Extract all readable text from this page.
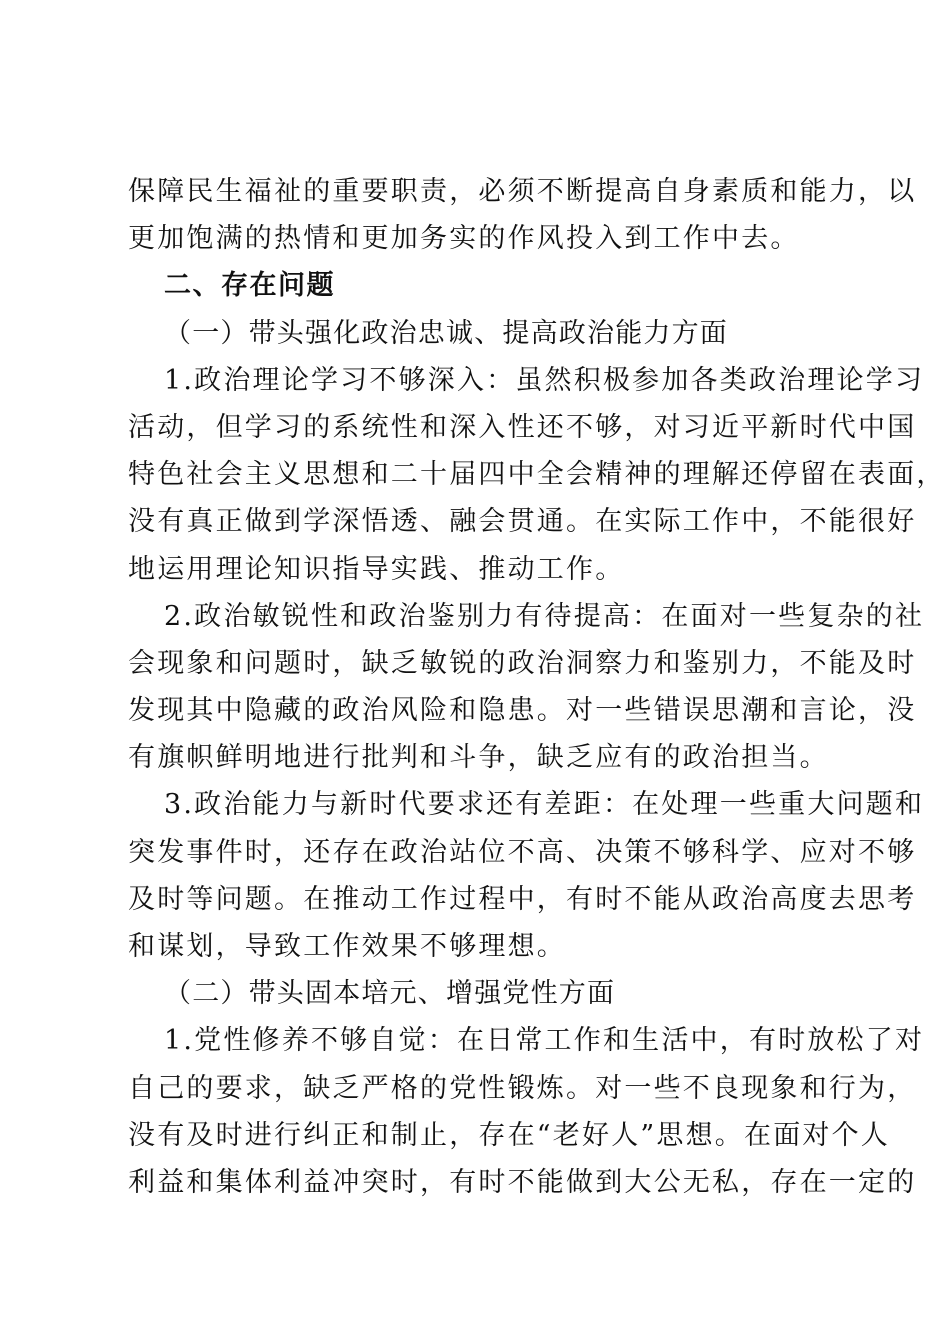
保障民生福祉的重要职责，必须不断提高自身素质和能力，以
更加饱满的热情和更加务实的作风投入到工作中去。
二、存在问题
（一）带头强化政治忠诚、提高政治能力方面
1.政治理论学习不够深入：虽然积极参加各类政治理论学习
活动，但学习的系统性和深入性还不够，对习近平新时代中国
特色社会主义思想和二十届四中全会精神的理解还停留在表面，
没有真正做到学深悟透、融会贯通。在实际工作中，不能很好
地运用理论知识指导实践、推动工作。
2.政治敏锐性和政治鉴别力有待提高：在面对一些复杂的社
会现象和问题时，缺乏敏锐的政治洞察力和鉴别力，不能及时
发现其中隐藏的政治风险和隐患。对一些错误思潮和言论，没
有旗帜鲜明地进行批判和斗争，缺乏应有的政治担当。
3.政治能力与新时代要求还有差距：在处理一些重大问题和
突发事件时，还存在政治站位不高、决策不够科学、应对不够
及时等问题。在推动工作过程中，有时不能从政治高度去思考
和谋划，导致工作效果不够理想。
（二）带头固本培元、增强党性方面
1.党性修养不够自觉：在日常工作和生活中，有时放松了对
自己的要求，缺乏严格的党性锻炼。对一些不良现象和行为，
没有及时进行纠正和制止，存在“老好人”思想。在面对个人
利益和集体利益冲突时，有时不能做到大公无私，存在一定的
